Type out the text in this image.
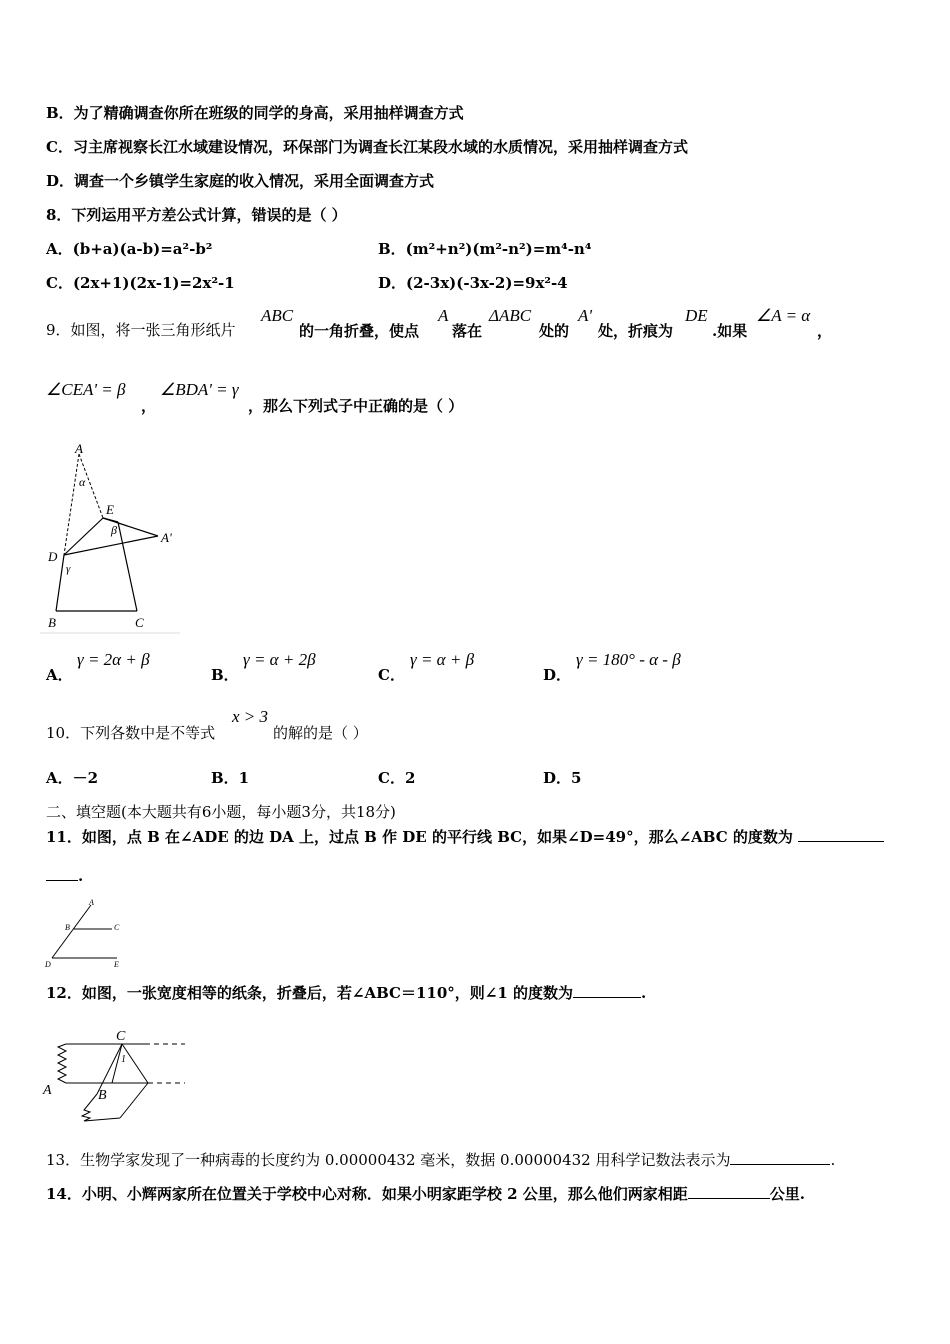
B．为了精确调查你所在班级的同学的身高，采用抽样调查方式
C．习主席视察长江水域建设情况，环保部门为调查长江某段水域的水质情况，采用抽样调查方式
D．调查一个乡镇学生家庭的收入情况，采用全面调查方式
8．下列运用平方差公式计算，错误的是（ ）
A．(b+a)(a-b)=a²-b²	B．(m²+n²)(m²-n²)=m⁴-n⁴
C．(2x+1)(2x-1)=2x²-1	D．(2-3x)(-3x-2)=9x²-4
9．如图，将一张三角形纸片
ABC
的一角折叠，使点
A
落在
ΔABC
处的
A'
处，折痕为
DE
.如果
∠A = α
，
∠CEA' = β
，
∠BDA' = γ
，那么下列式子中正确的是（ ）
A
α
E
β
D
γ
A'
B	C
A．
γ = 2α + β
B．
γ = α + 2β
C．
γ = α + β
D．
γ = 180° - α - β
10．下列各数中是不等式
x > 3
的解的是（ ）
A．－2	B．1	C．2	D．5
二、填空题(本大题共有6小题，每小题3分，共18分)
11．如图，点 B 在∠ADE 的边 DA 上，过点 B 作 DE 的平行线 BC，如果∠D=49°，那么∠ABC 的度数为
.
A
B	C
D	E
12．如图，一张宽度相等的纸条，折叠后，若∠ABC＝110°，则∠1 的度数为	.
C
1
A	B
13．生物学家发现了一种病毒的长度约为 0.00000432 毫米，数据 0.00000432 用科学记数法表示为	.
14．小明、小辉两家所在位置关于学校中心对称．如果小明家距学校 2 公里，那么他们两家相距	公里.
